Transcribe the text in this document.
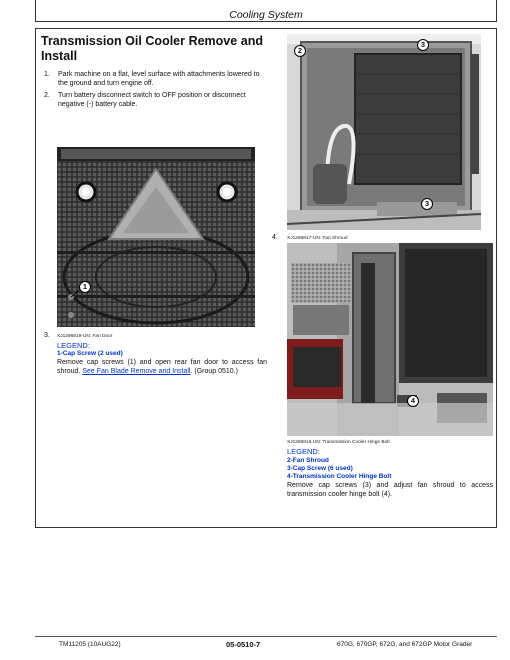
Cooling System
Transmission Oil Cooler Remove and Install
1.	Park machine on a flat, level surface with attachments lowered to the ground and turn engine off.
2.	Turn battery disconnect switch to OFF position or disconnect negative (-) battery cable.
1
3. XJ1296819-UN: Fan Door
LEGEND:
1-Cap Screw (2 used)
Remove cap screws (1) and open rear fan door to access fan shroud. See Fan Blade Remove and Install. (Group 0510.)
2
3
3
4. XJ1296817-UN: Fan Shroud
4
XJ1296818-UN: Transmission Cooler Hinge Bolt
LEGEND:
2-Fan Shroud
3-Cap Screw (6 used)
4-Transmission Cooler Hinge Bolt
Remove cap screws (3) and adjust fan shroud to access transmission cooler hinge bolt (4).
TM11205 (10AUG22)	05-0510-7	670G, 670GP, 672G, and 672GP Motor Grader
